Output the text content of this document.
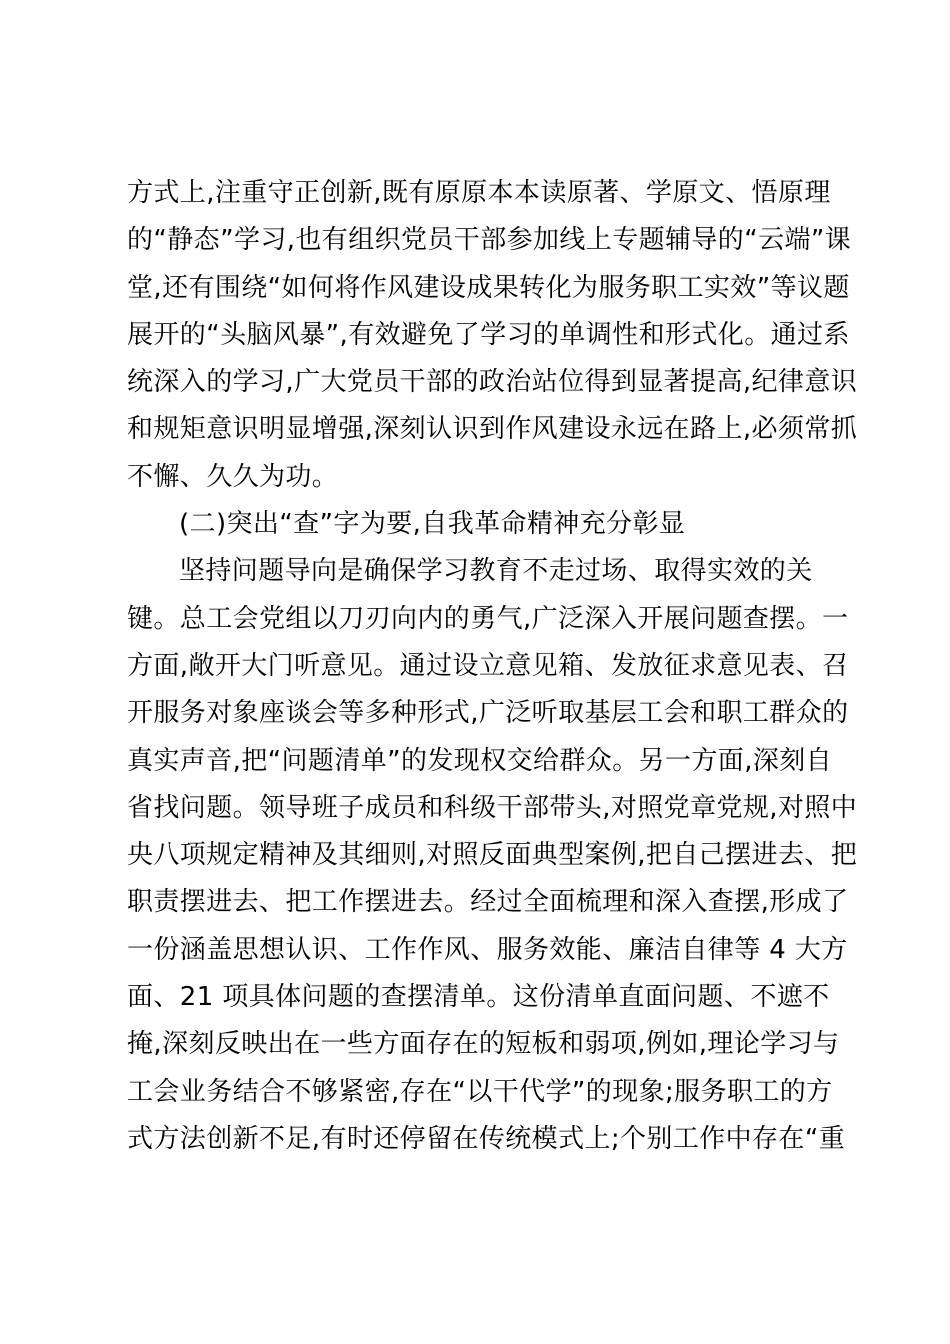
方式上,注重守正创新,既有原原本本读原著、学原文、悟原理
的“静态”学习,也有组织党员干部参加线上专题辅导的“云端”课
堂,还有围绕“如何将作风建设成果转化为服务职工实效”等议题
展开的“头脑风暴”,有效避免了学习的单调性和形式化。通过系
统深入的学习,广大党员干部的政治站位得到显著提高,纪律意识
和规矩意识明显增强,深刻认识到作风建设永远在路上,必须常抓
不懈、久久为功。
(二)突出“查”字为要,自我革命精神充分彰显
坚持问题导向是确保学习教育不走过场、取得实效的关
键。总工会党组以刀刃向内的勇气,广泛深入开展问题查摆。一
方面,敞开大门听意见。通过设立意见箱、发放征求意见表、召
开服务对象座谈会等多种形式,广泛听取基层工会和职工群众的
真实声音,把“问题清单”的发现权交给群众。另一方面,深刻自
省找问题。领导班子成员和科级干部带头,对照党章党规,对照中
央八项规定精神及其细则,对照反面典型案例,把自己摆进去、把
职责摆进去、把工作摆进去。经过全面梳理和深入查摆,形成了
一份涵盖思想认识、工作作风、服务效能、廉洁自律等 4 大方
面、21 项具体问题的查摆清单。这份清单直面问题、不遮不
掩,深刻反映出在一些方面存在的短板和弱项,例如,理论学习与
工会业务结合不够紧密,存在“以干代学”的现象;服务职工的方
式方法创新不足,有时还停留在传统模式上;个别工作中存在“重
